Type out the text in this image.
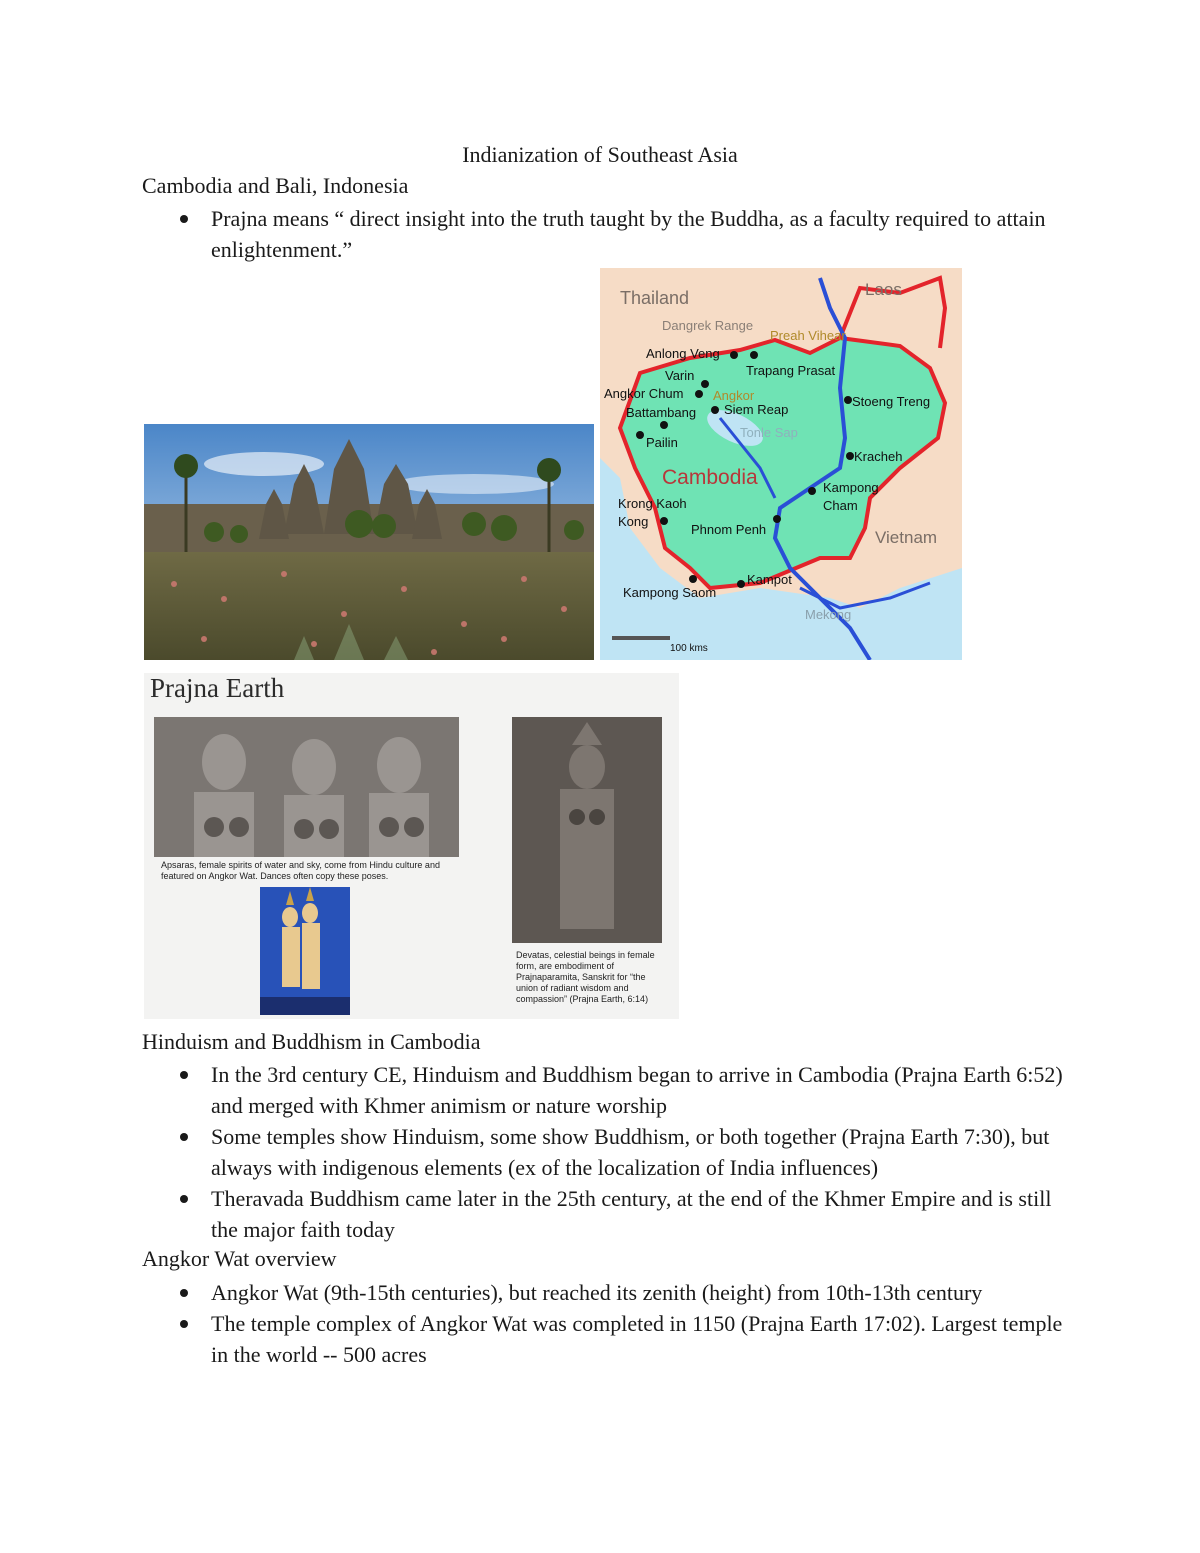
Indianization of Southeast Asia
Cambodia and Bali, Indonesia
Prajna means “ direct insight into the truth taught by the Buddha, as a faculty required to attain enlightenment.”
Thailand	Laos
Dangrek Range
Preah Vihear
Anlong Veng
Trapang Prasat
Varin
Angkor Chum Angkor
Battambang Siem Reap
Tonle Sap
Pailin
Stoeng Treng
Kracheh
Cambodia	Kampong
Cham
Vietnam
Krong Kaoh
Kong
Phnom Penh
Kampot
Kampong Saom
Mekong
100 kms
Prajna Earth
Apsaras, female spirits of water and sky, come from Hindu culture and featured on Angkor Wat. Dances often copy these poses.
Devatas, celestial beings in female form, are embodiment of Prajnaparamita, Sanskrit for “the union of radiant wisdom and compassion” (Prajna Earth, 6:14)
Hinduism and Buddhism in Cambodia
In the 3rd century CE, Hinduism and Buddhism began to arrive in Cambodia (Prajna Earth 6:52) and merged with Khmer animism or nature worship
Some temples show Hinduism, some show Buddhism, or both together (Prajna Earth 7:30), but always with indigenous elements (ex of the localization of India influences)
Theravada Buddhism came later in the 25th century, at the end of the Khmer Empire and is still the major faith today
Angkor Wat overview
Angkor Wat (9th-15th centuries), but reached its zenith (height) from 10th-13th century
The temple complex of Angkor Wat was completed in 1150 (Prajna Earth 17:02). Largest temple in the world -- 500 acres
